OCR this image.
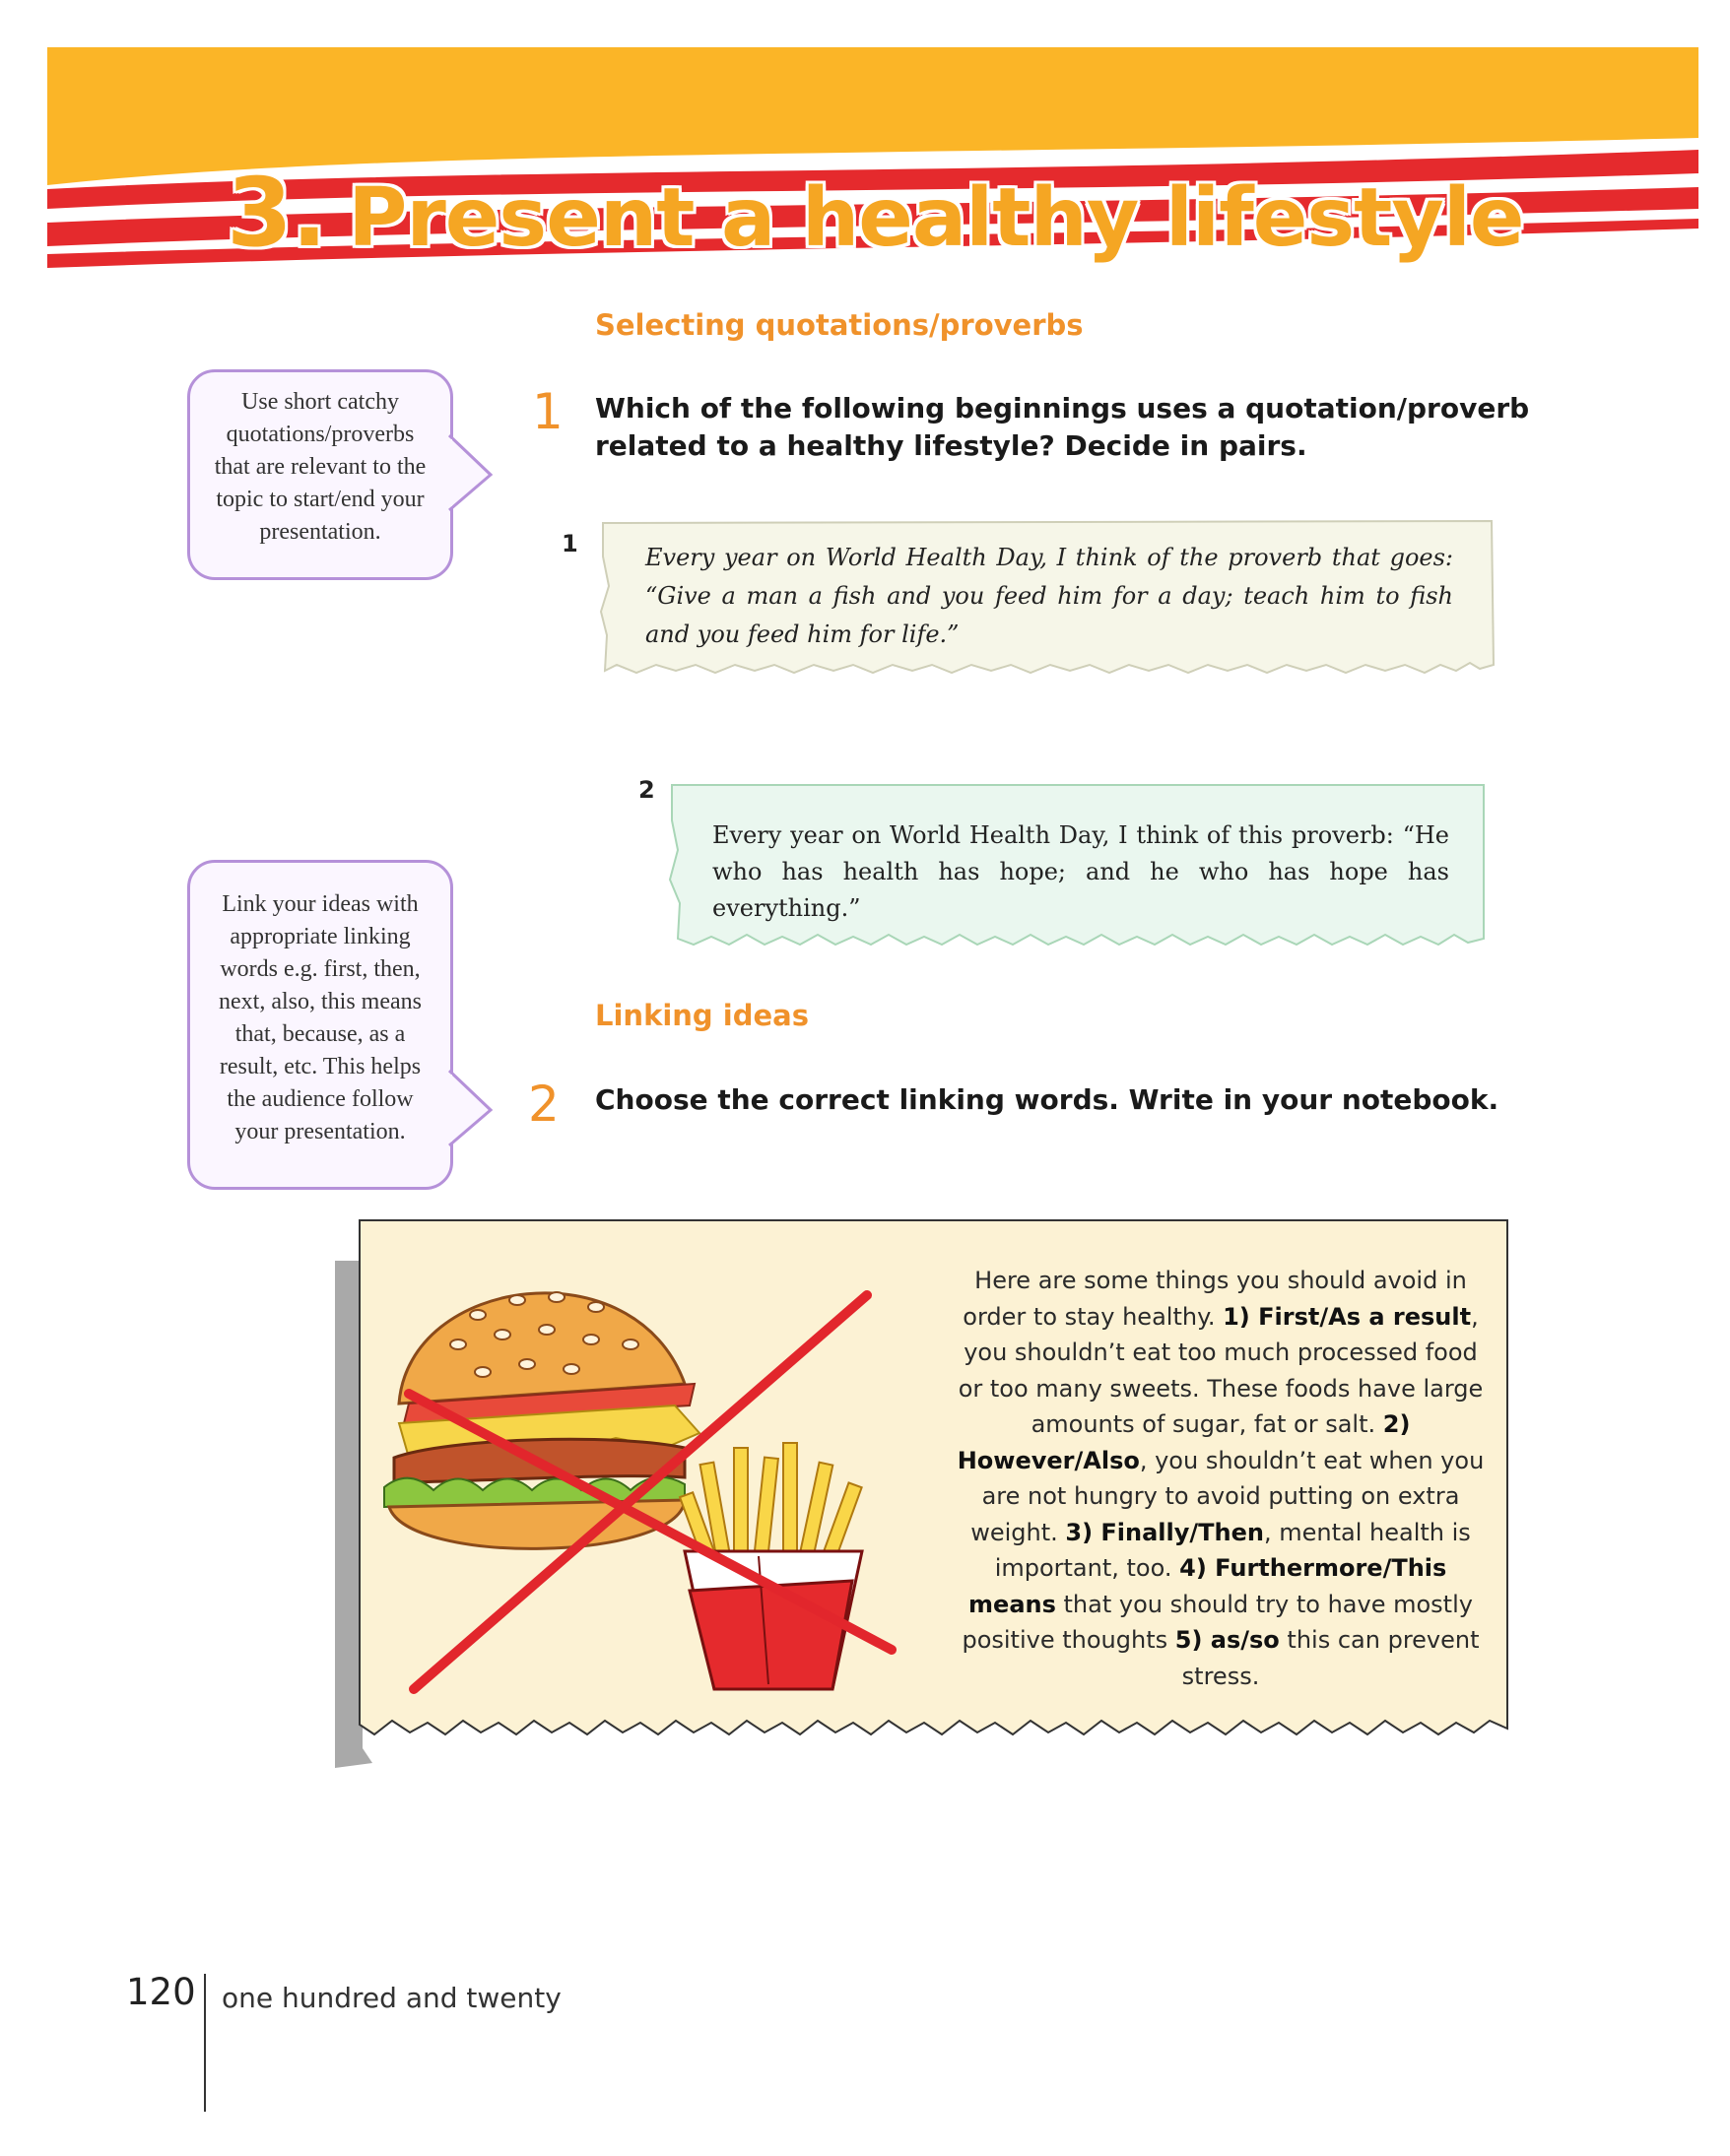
3. Present a healthy lifestyle
Selecting quotations/proverbs
1 Which of the following beginnings uses a quotation/proverb related to a healthy lifestyle? Decide in pairs.

Use short catchy quotations/proverbs that are relevant to the topic to start/end your presentation.	1	Every year on World Health Day, I think of the proverb that goes: “Give a man a fish and you feed him for a day; teach him to fish and you feed him for life.”

2

Every year on World Health Day, I think of this proverb: “He who has health has hope; and he who has hope has everything.”

Linking ideas
2 Choose the correct linking words. Write in your notebook.

Link your ideas with appropriate linking words e.g. first, then, next, also, this means that, because, as a result, etc. This helps the audience follow your presentation.

Here are some things you should avoid in order to stay healthy. 1) First/As a result, you shouldn’t eat too much processed food or too many sweets. These foods have large amounts of sugar, fat or salt. 2) However/Also, you shouldn’t eat when you are not hungry to avoid putting on extra weight. 3) Finally/Then, mental health is important, too. 4) Furthermore/This means that you should try to have mostly positive thoughts 5) as/so this can prevent stress.

120 one hundred and twenty
